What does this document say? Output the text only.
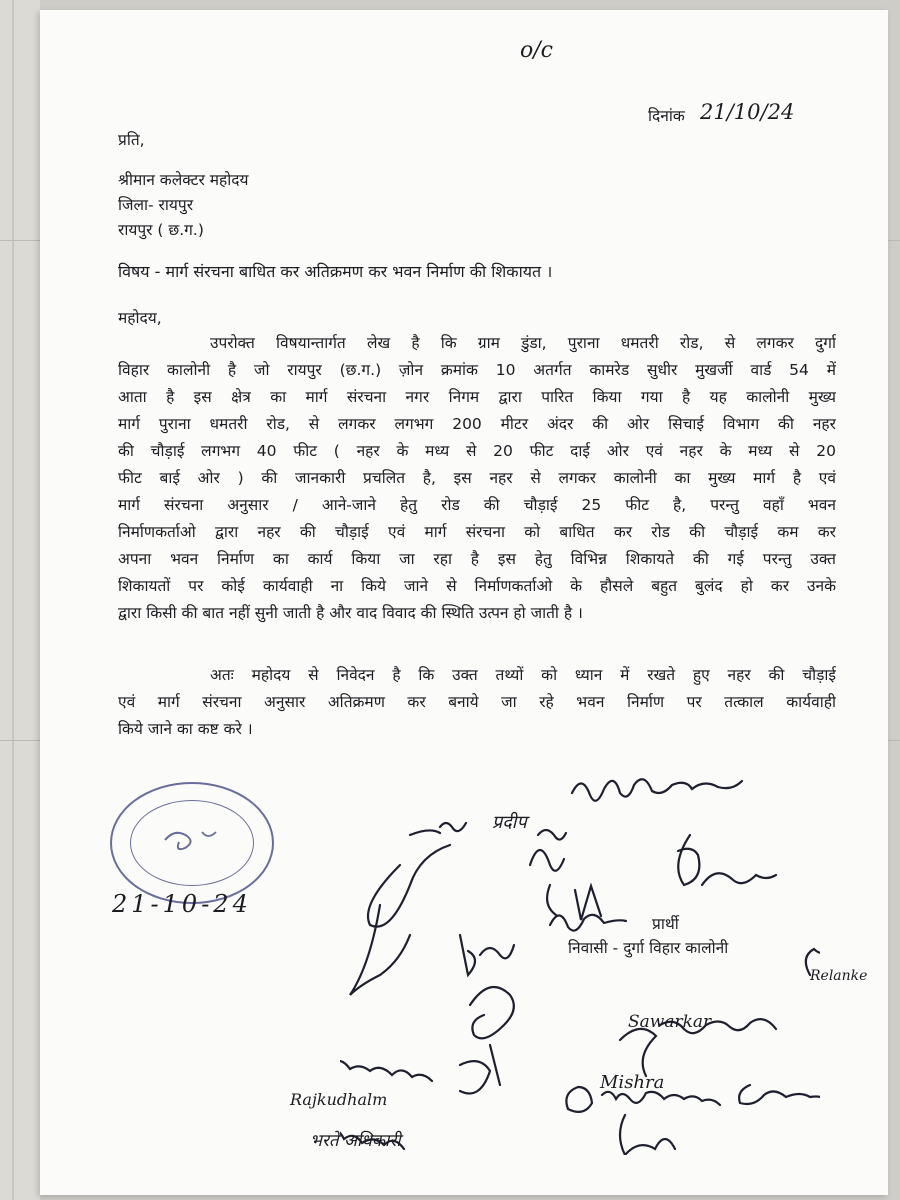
o/c
दिनांक 21/10/24
प्रति,
श्रीमान कलेक्टर महोदय
जिला- रायपुर
रायपुर ( छ.ग.)
विषय - मार्ग संरचना बाधित कर अतिक्रमण कर भवन निर्माण की शिकायत ।
महोदय,
उपरोक्त विषयान्तार्गत लेख है कि ग्राम डुंडा, पुराना धमतरी रोड, से लगकर दुर्गा
विहार कालोनी है जो रायपुर (छ.ग.) ज़ोन क्रमांक 10 अतर्गत कामरेड सुधीर मुखर्जी वार्ड 54 में
आता है इस क्षेत्र का मार्ग संरचना नगर निगम द्वारा पारित किया गया है यह कालोनी मुख्य
मार्ग पुराना धमतरी रोड, से लगकर लगभग 200 मीटर अंदर की ओर सिचाई विभाग की नहर
की चौड़ाई लगभग 40 फीट ( नहर के मध्य से 20 फीट दाई ओर एवं नहर के मध्य से 20
फीट बाई ओर ) की जानकारी प्रचलित है, इस नहर से लगकर कालोनी का मुख्य मार्ग है एवं
मार्ग संरचना अनुसार / आने-जाने हेतु रोड की चौड़ाई 25 फीट है, परन्तु वहाँ भवन
निर्माणकर्ताओ द्वारा नहर की चौड़ाई एवं मार्ग संरचना को बाधित कर रोड की चौड़ाई कम कर
अपना भवन निर्माण का कार्य किया जा रहा है इस हेतु विभिन्न शिकायते की गई परन्तु उक्त
शिकायतों पर कोई कार्यवाही ना किये जाने से निर्माणकर्ताओ के हौसले बहुत बुलंद हो कर उनके
द्वारा किसी की बात नहीं सुनी जाती है और वाद विवाद की स्थिति उत्पन हो जाती है ।
अतः महोदय से निवेदन है कि उक्त तथ्यों को ध्यान में रखते हुए नहर की चौड़ाई
एवं मार्ग संरचना अनुसार अतिक्रमण कर बनाये जा रहे भवन निर्माण पर तत्काल कार्यवाही
किये जाने का कष्ट करे ।
21-10-24
प्रार्थी
निवासी - दुर्गा विहार कालोनी
प्रदीप
Mishra
Rajkudhalm
भरते अधिकारी
Sawarkar
Relanke
